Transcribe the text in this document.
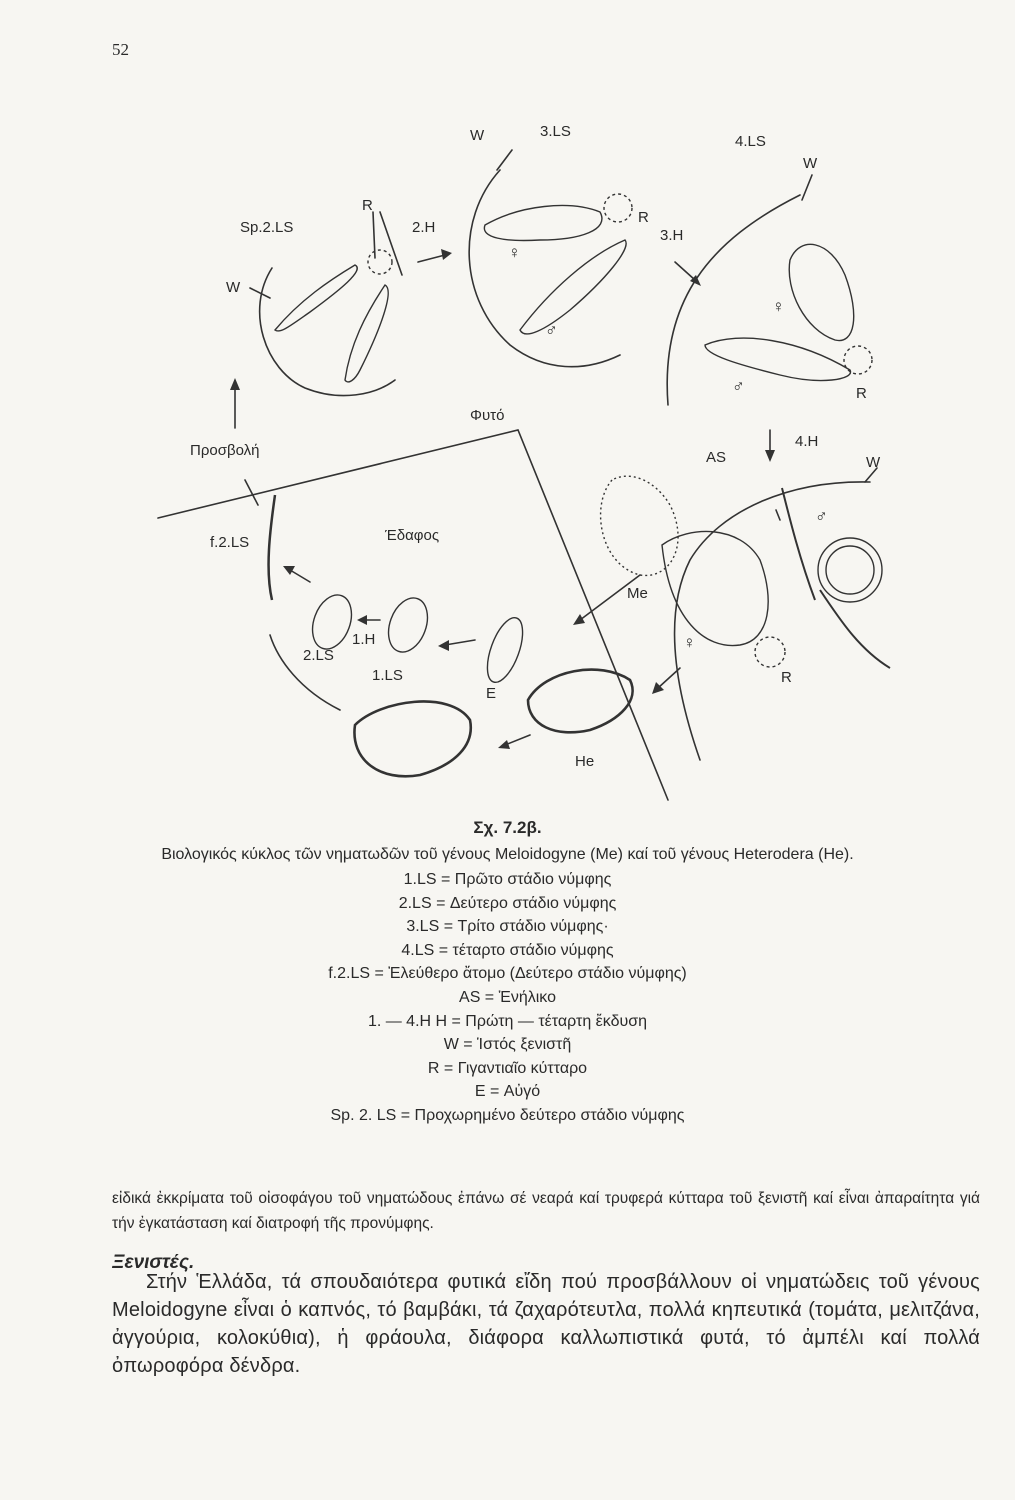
52
W	3.LS
4.LS
W
Sp.2.LS
R
2.H
R
3.H
W
♀
♂
♀
♂	R
Φυτό
Προσβολή
4.H
AS	W
♂
f.2.LS	Έδαφος
Me
1.H
2.LS
1.LS
E
♀
R
He
Σχ. 7.2β.
Βιολογικός κύκλος τῶν νηματωδῶν τοῦ γένους Meloidogyne (Me) καί τοῦ γένους Heterodera (He).
1.LS = Πρῶτο στάδιο νύμφης
2.LS = Δεύτερο στάδιο νύμφης
3.LS = Τρίτο στάδιο νύμφης·
4.LS = τέταρτο στάδιο νύμφης
f.2.LS = Ἐλεύθερο ἄτομο (Δεύτερο στάδιο νύμφης)
AS = Ἐνήλικο
1. — 4.H H = Πρώτη — τέταρτη ἔκδυση
W = Ἱστός ξενιστῆ
R = Γιγαντιαῖο κύτταρο
E = Αὐγό
Sp. 2. LS = Προχωρημένο δεύτερο στάδιο νύμφης
εἰδικά ἐκκρίματα τοῦ οἰσοφάγου τοῦ νηματώδους ἐπάνω σέ νεαρά καί τρυφερά κύτταρα τοῦ ξενιστῆ καί εἶναι ἀπαραίτητα γιά τήν ἐγκατάσταση καί διατροφή τῆς προνύμφης.
Ξενιστές.
Στήν Ἑλλάδα, τά σπουδαιότερα φυτικά εἴδη πού προσβάλλουν οἱ νηματώδεις τοῦ γένους Meloidogyne εἶναι ὁ καπνός, τό βαμβάκι, τά ζαχαρότευτλα, πολλά κηπευτικά (τομάτα, μελιτζάνα, ἀγγούρια, κολοκύθια), ἡ φράουλα, διάφορα καλλωπιστικά φυτά, τό ἀμπέλι καί πολλά ὀπωροφόρα δένδρα.
